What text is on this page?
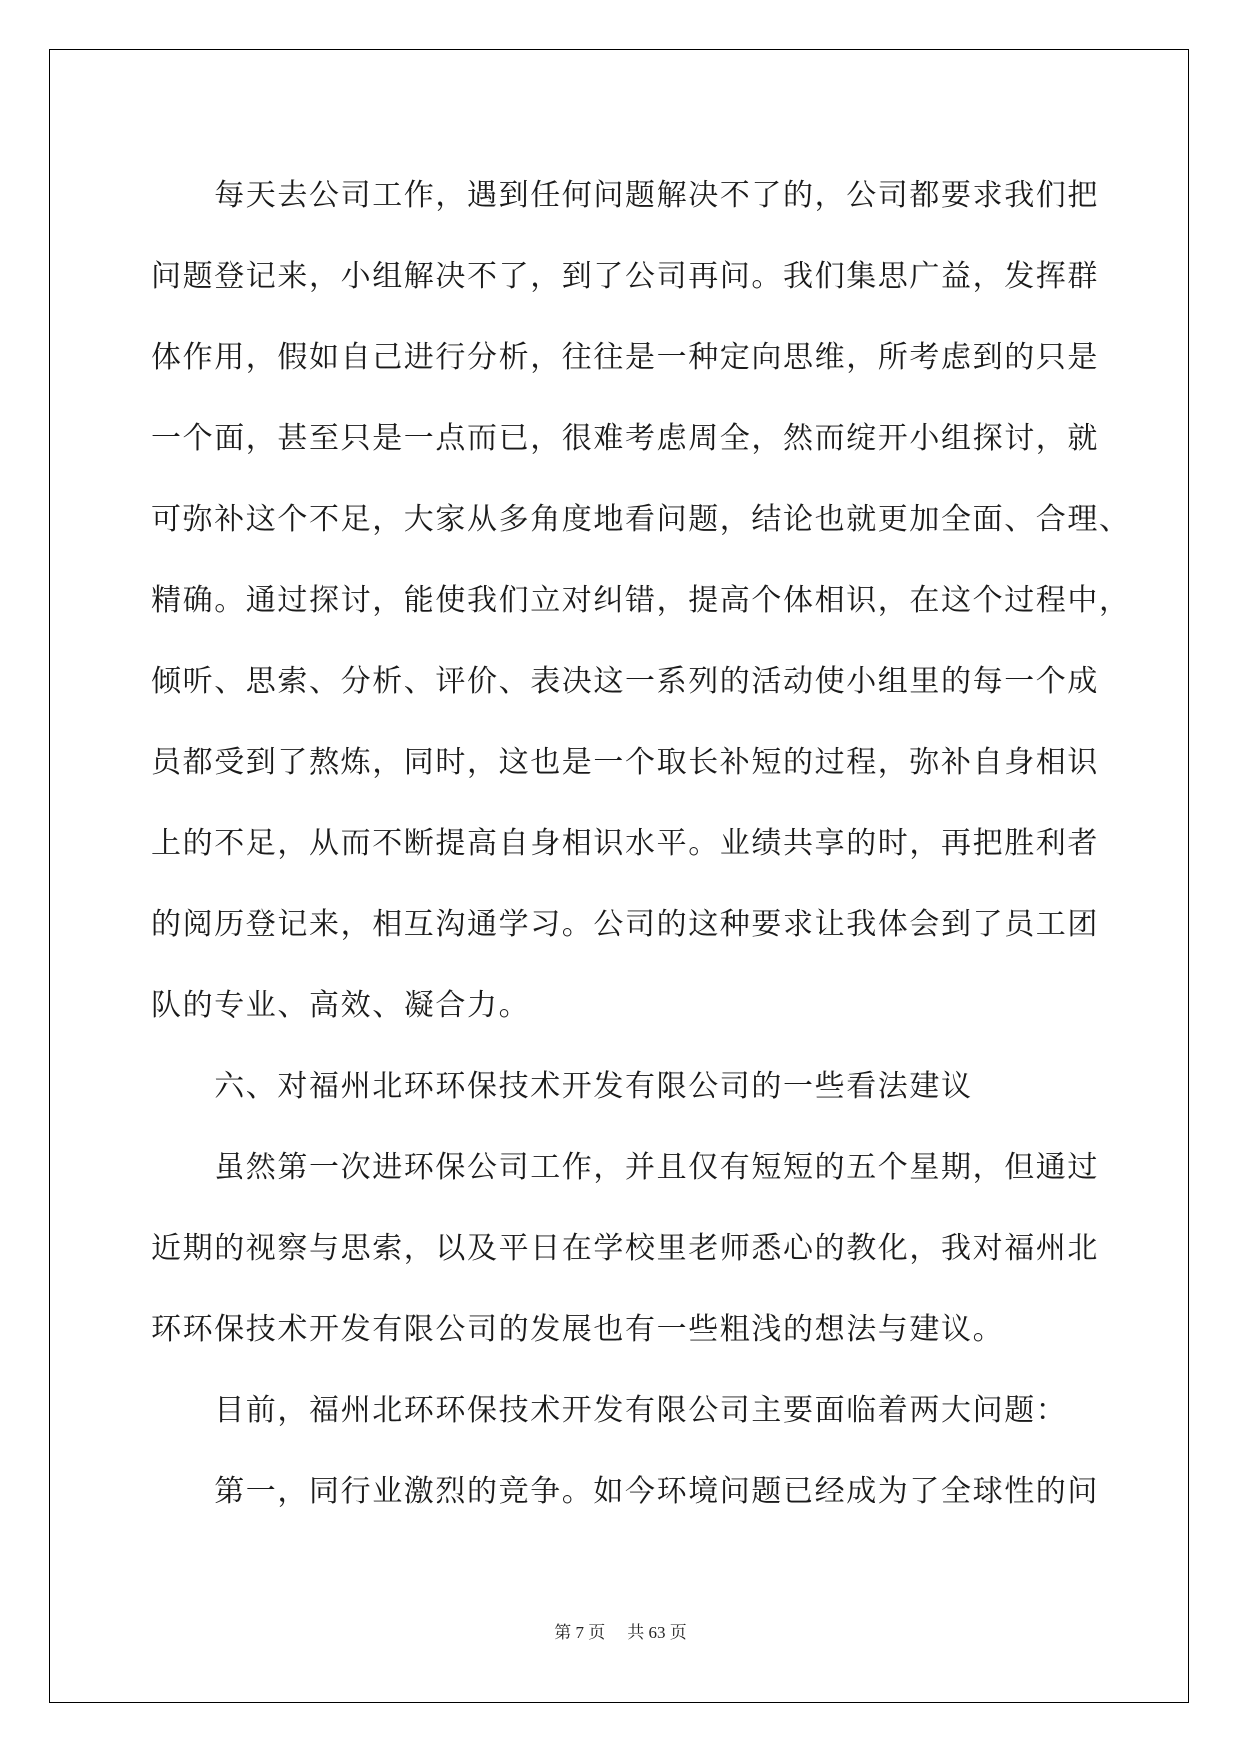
　　每天去公司工作，遇到任何问题解决不了的，公司都要求我们把
问题登记来，小组解决不了，到了公司再问。我们集思广益，发挥群
体作用，假如自己进行分析，往往是一种定向思维，所考虑到的只是
一个面，甚至只是一点而已，很难考虑周全，然而绽开小组探讨，就
可弥补这个不足，大家从多角度地看问题，结论也就更加全面、合理、
精确。通过探讨，能使我们立对纠错，提高个体相识，在这个过程中，
倾听、思索、分析、评价、表决这一系列的活动使小组里的每一个成
员都受到了熬炼，同时，这也是一个取长补短的过程，弥补自身相识
上的不足，从而不断提高自身相识水平。业绩共享的时，再把胜利者
的阅历登记来，相互沟通学习。公司的这种要求让我体会到了员工团
队的专业、高效、凝合力。
　　六、对福州北环环保技术开发有限公司的一些看法建议
　　虽然第一次进环保公司工作，并且仅有短短的五个星期，但通过
近期的视察与思索，以及平日在学校里老师悉心的教化，我对福州北
环环保技术开发有限公司的发展也有一些粗浅的想法与建议。
　　目前，福州北环环保技术开发有限公司主要面临着两大问题：
　　第一，同行业激烈的竞争。如今环境问题已经成为了全球性的问
第 7 页 共 63 页
